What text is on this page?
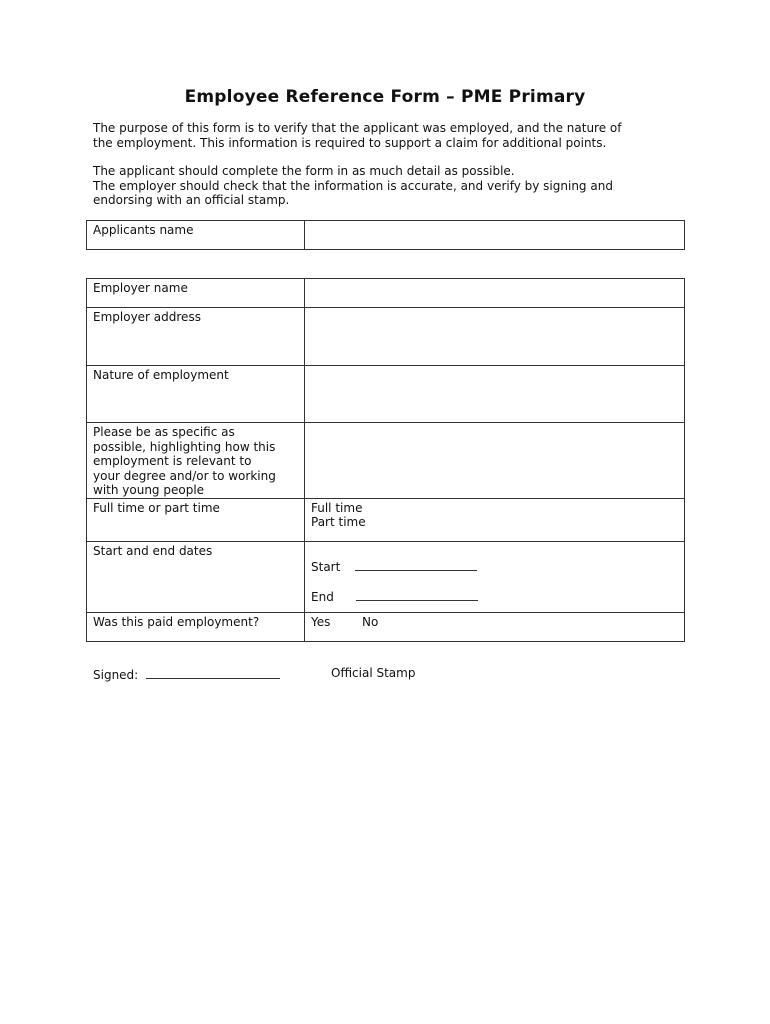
Employee Reference Form – PME Primary
The purpose of this form is to verify that the applicant was employed, and the nature of
the employment. This information is required to support a claim for additional points.
The applicant should complete the form in as much detail as possible.
The employer should check that the information is accurate, and verify by signing and
endorsing with an official stamp.
Applicants name	
Employer name	
Employer address	
Nature of employment	

Please be as specific as
possible, highlighting how this
employment is relevant to
your degree and/or to working
with young people	

Full time or part time	Full time
Part time

Start and end dates	Start
End

Was this paid employment?	Yes No
Signed:	Official Stamp
